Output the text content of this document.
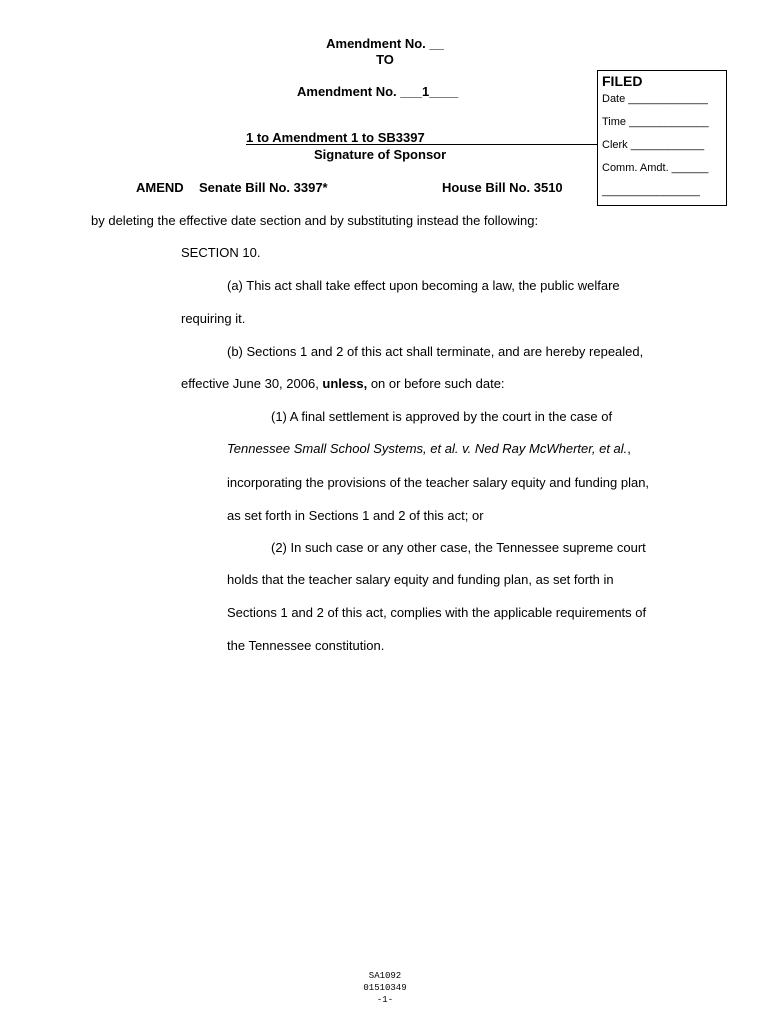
Amendment No. __
TO
Amendment No. ___1____
1 to Amendment 1 to SB3397
Signature of Sponsor
AMEND Senate Bill No. 3397*	House Bill No. 3510
FILED
Date _____________
Time _____________
Clerk ____________
Comm. Amdt. ______
________________
by deleting the effective date section and by substituting instead the following:
SECTION 10.
(a) This act shall take effect upon becoming a law, the public welfare
requiring it.
(b) Sections 1 and 2 of this act shall terminate, and are hereby repealed,
effective June 30, 2006, unless, on or before such date:
(1) A final settlement is approved by the court in the case of
Tennessee Small School Systems, et al. v. Ned Ray McWherter, et al.,
incorporating the provisions of the teacher salary equity and funding plan,
as set forth in Sections 1 and 2 of this act; or
(2) In such case or any other case, the Tennessee supreme court
holds that the teacher salary equity and funding plan, as set forth in
Sections 1 and 2 of this act, complies with the applicable requirements of
the Tennessee constitution.
SA1092
01510349
-1-
